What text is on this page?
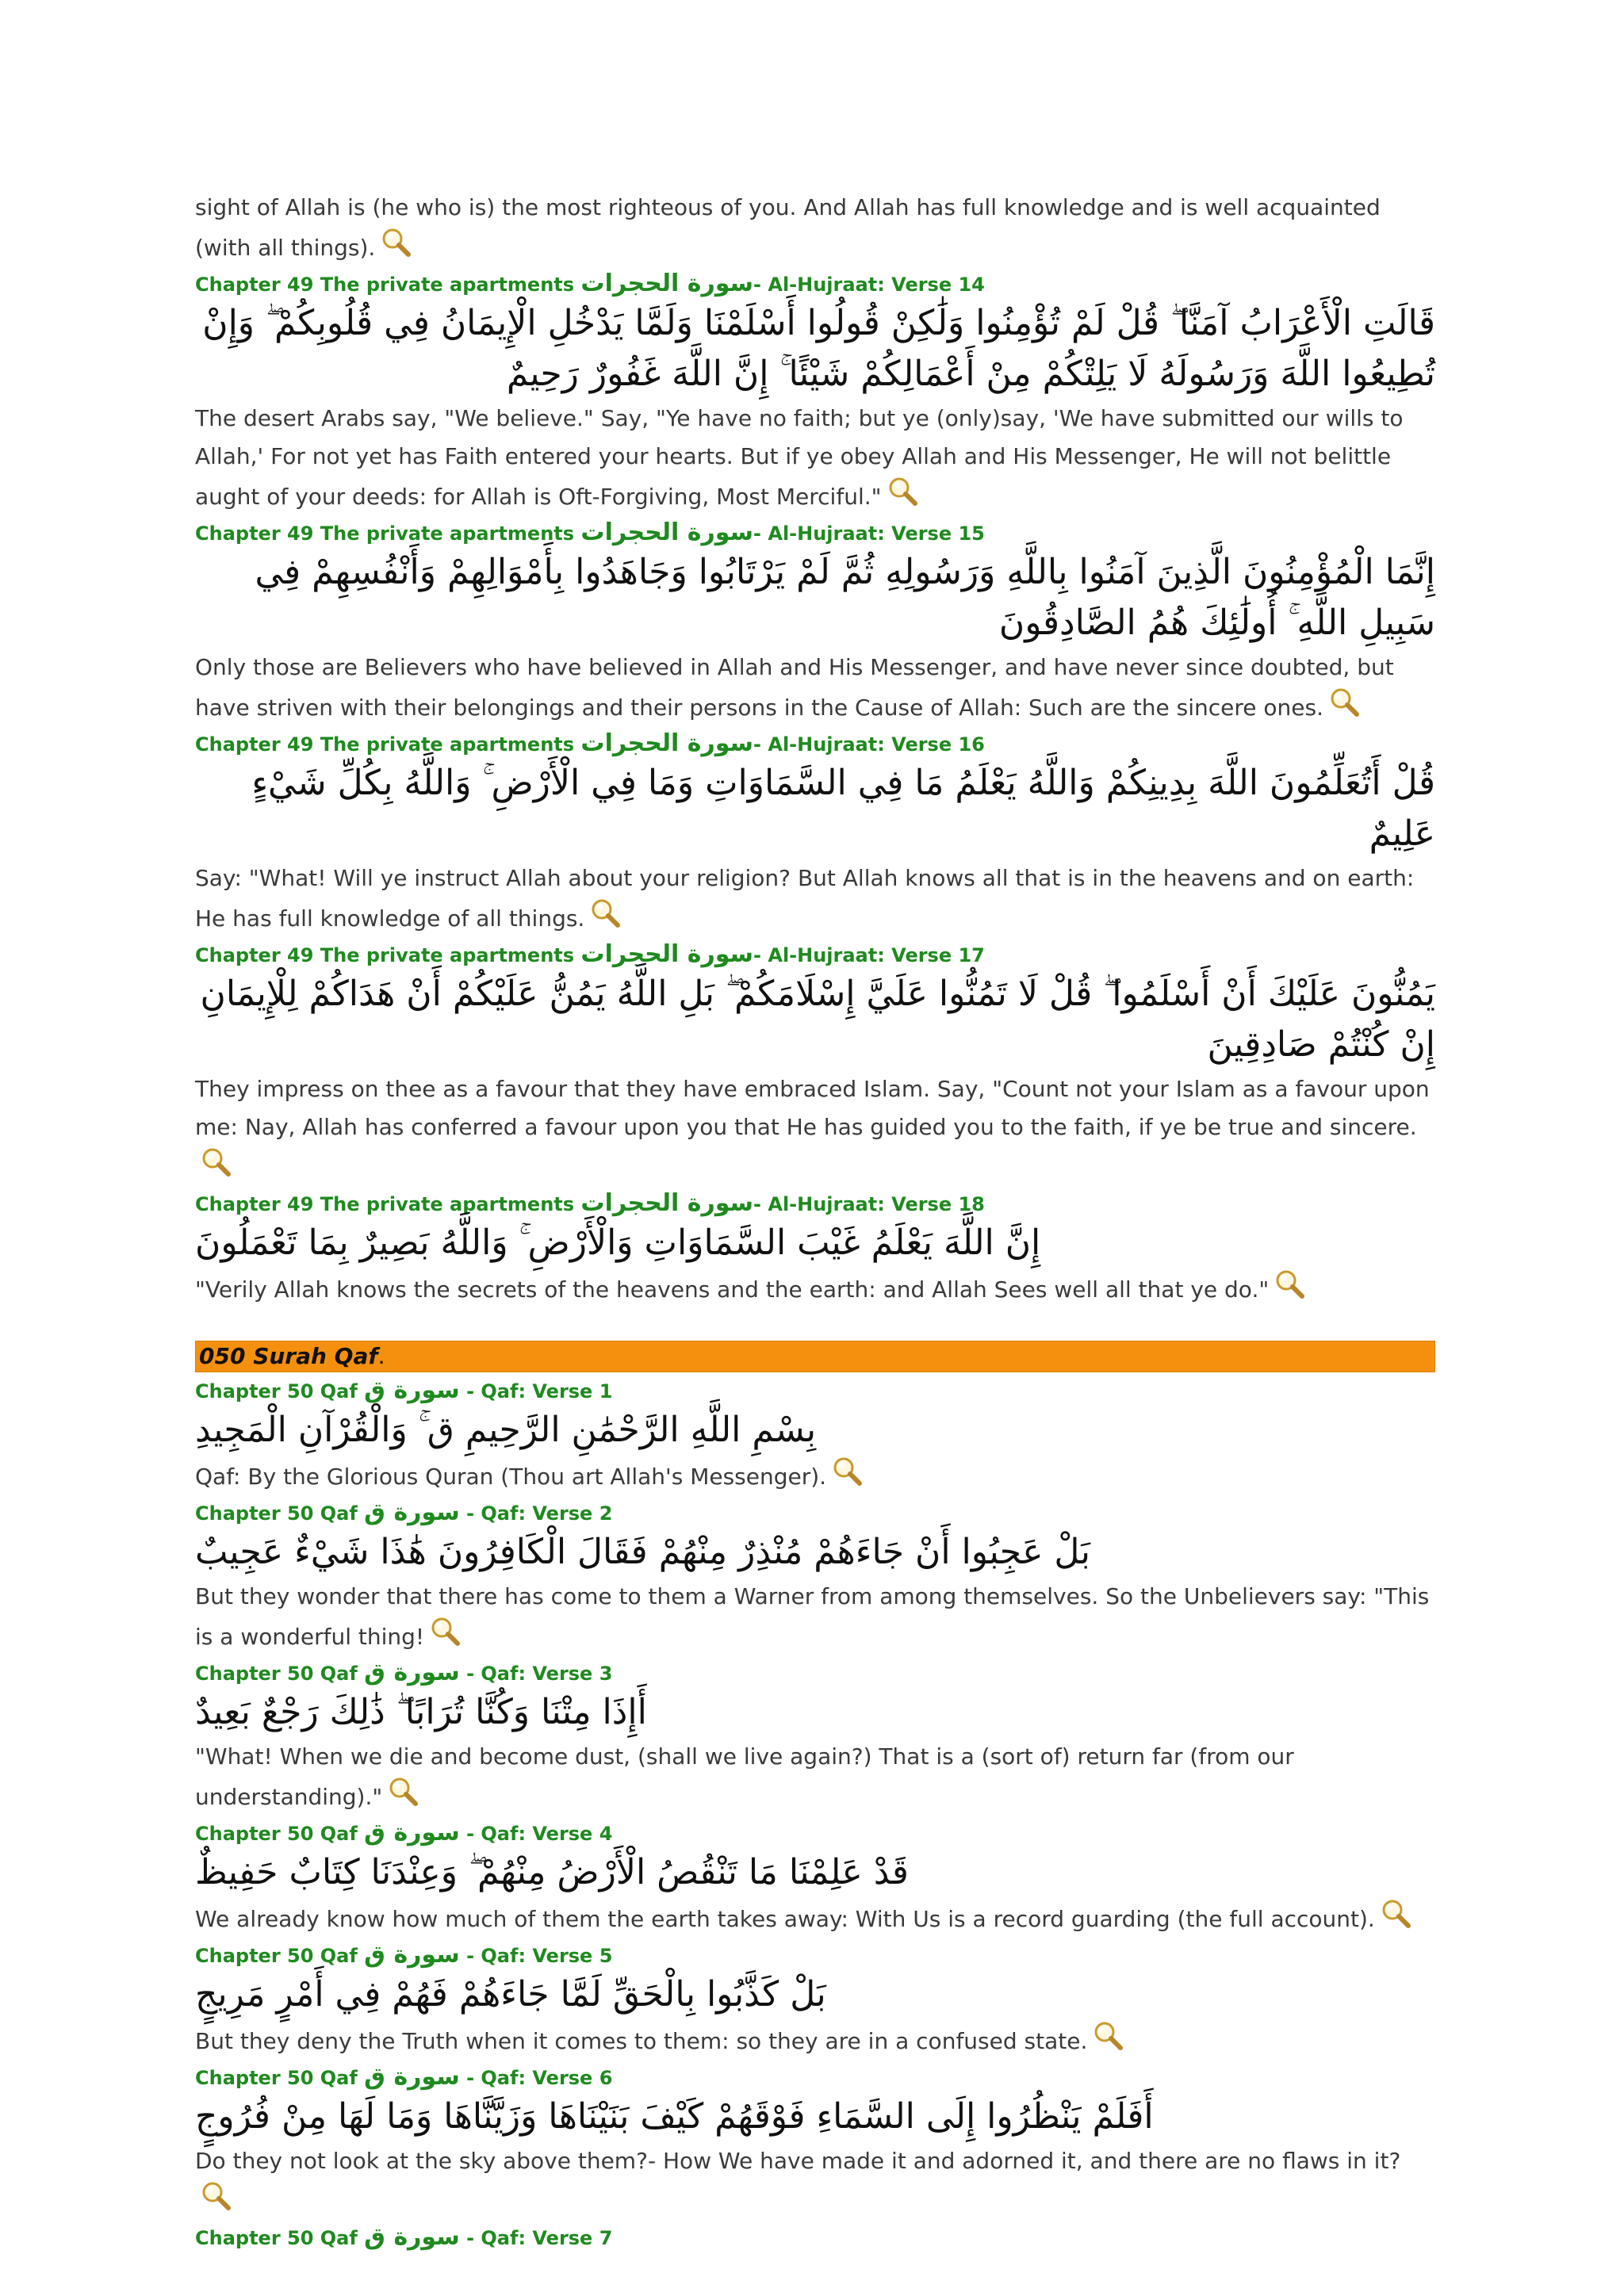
sight of Allah is (he who is) the most righteous of you. And Allah has full knowledge and is well acquainted (with all things).

Chapter 49 The private apartments سورة الحجرات- Al-Hujraat: Verse 14

قَالَتِ الْأَعْرَابُ آمَنَّا ۖ قُلْ لَمْ تُؤْمِنُوا وَلَٰكِنْ قُولُوا أَسْلَمْنَا وَلَمَّا يَدْخُلِ الْإِيمَانُ فِي قُلُوبِكُمْ ۖ وَإِنْ تُطِيعُوا اللَّهَ وَرَسُولَهُ لَا يَلِتْكُمْ مِنْ أَعْمَالِكُمْ شَيْئًا ۚ إِنَّ اللَّهَ غَفُورٌ رَحِيمٌ

The desert Arabs say, "We believe." Say, "Ye have no faith; but ye (only)say, 'We have submitted our wills to Allah,' For not yet has Faith entered your hearts. But if ye obey Allah and His Messenger, He will not belittle aught of your deeds: for Allah is Oft-Forgiving, Most Merciful."

Chapter 49 The private apartments سورة الحجرات- Al-Hujraat: Verse 15

إِنَّمَا الْمُؤْمِنُونَ الَّذِينَ آمَنُوا بِاللَّهِ وَرَسُولِهِ ثُمَّ لَمْ يَرْتَابُوا وَجَاهَدُوا بِأَمْوَالِهِمْ وَأَنْفُسِهِمْ فِي سَبِيلِ اللَّهِ ۚ أُولَٰئِكَ هُمُ الصَّادِقُونَ

Only those are Believers who have believed in Allah and His Messenger, and have never since doubted, but have striven with their belongings and their persons in the Cause of Allah: Such are the sincere ones.

Chapter 49 The private apartments سورة الحجرات- Al-Hujraat: Verse 16

قُلْ أَتُعَلِّمُونَ اللَّهَ بِدِينِكُمْ وَاللَّهُ يَعْلَمُ مَا فِي السَّمَاوَاتِ وَمَا فِي الْأَرْضِ ۚ وَاللَّهُ بِكُلِّ شَيْءٍ عَلِيمٌ

Say: "What! Will ye instruct Allah about your religion? But Allah knows all that is in the heavens and on earth: He has full knowledge of all things.

Chapter 49 The private apartments سورة الحجرات- Al-Hujraat: Verse 17

يَمُنُّونَ عَلَيْكَ أَنْ أَسْلَمُوا ۖ قُلْ لَا تَمُنُّوا عَلَيَّ إِسْلَامَكُمْ ۖ بَلِ اللَّهُ يَمُنُّ عَلَيْكُمْ أَنْ هَدَاكُمْ لِلْإِيمَانِ إِنْ كُنْتُمْ صَادِقِينَ

They impress on thee as a favour that they have embraced Islam. Say, "Count not your Islam as a favour upon me: Nay, Allah has conferred a favour upon you that He has guided you to the faith, if ye be true and sincere.

Chapter 49 The private apartments سورة الحجرات- Al-Hujraat: Verse 18

إِنَّ اللَّهَ يَعْلَمُ غَيْبَ السَّمَاوَاتِ وَالْأَرْضِ ۚ وَاللَّهُ بَصِيرٌ بِمَا تَعْمَلُونَ

"Verily Allah knows the secrets of the heavens and the earth: and Allah Sees well all that ye do."

050 Surah Qaf.
Chapter 50 Qaf سورة ق - Qaf: Verse 1

بِسْمِ اللَّهِ الرَّحْمَٰنِ الرَّحِيمِ ق ۚ وَالْقُرْآنِ الْمَجِيدِ

Qaf: By the Glorious Quran (Thou art Allah's Messenger).

Chapter 50 Qaf سورة ق - Qaf: Verse 2

بَلْ عَجِبُوا أَنْ جَاءَهُمْ مُنْذِرٌ مِنْهُمْ فَقَالَ الْكَافِرُونَ هَٰذَا شَيْءٌ عَجِيبٌ

But they wonder that there has come to them a Warner from among themselves. So the Unbelievers say: "This is a wonderful thing!

Chapter 50 Qaf سورة ق - Qaf: Verse 3

أَإِذَا مِتْنَا وَكُنَّا تُرَابًا ۖ ذَٰلِكَ رَجْعٌ بَعِيدٌ

"What! When we die and become dust, (shall we live again?) That is a (sort of) return far (from our understanding)."

Chapter 50 Qaf سورة ق - Qaf: Verse 4

قَدْ عَلِمْنَا مَا تَنْقُصُ الْأَرْضُ مِنْهُمْ ۖ وَعِنْدَنَا كِتَابٌ حَفِيظٌ

We already know how much of them the earth takes away: With Us is a record guarding (the full account).

Chapter 50 Qaf سورة ق - Qaf: Verse 5

بَلْ كَذَّبُوا بِالْحَقِّ لَمَّا جَاءَهُمْ فَهُمْ فِي أَمْرٍ مَرِيجٍ

But they deny the Truth when it comes to them: so they are in a confused state.

Chapter 50 Qaf سورة ق - Qaf: Verse 6

أَفَلَمْ يَنْظُرُوا إِلَى السَّمَاءِ فَوْقَهُمْ كَيْفَ بَنَيْنَاهَا وَزَيَّنَّاهَا وَمَا لَهَا مِنْ فُرُوجٍ

Do they not look at the sky above them?- How We have made it and adorned it, and there are no flaws in it?

Chapter 50 Qaf سورة ق - Qaf: Verse 7
